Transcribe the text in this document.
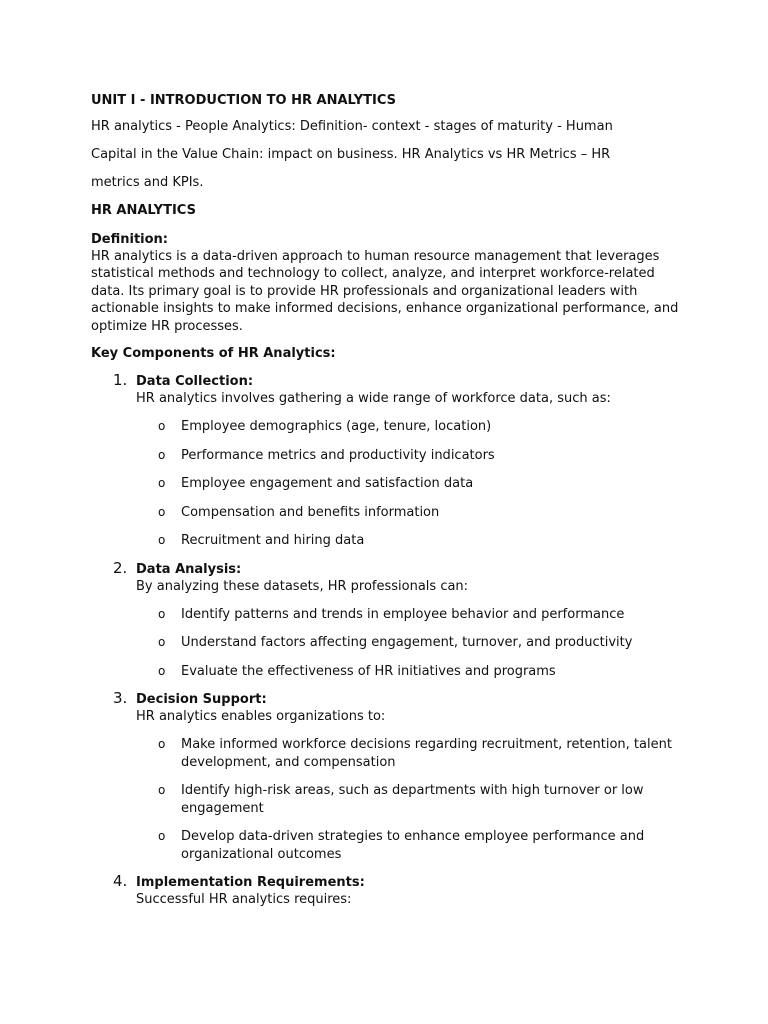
UNIT I - INTRODUCTION TO HR ANALYTICS

HR analytics - People Analytics: Definition- context - stages of maturity - Human

Capital in the Value Chain: impact on business. HR Analytics vs HR Metrics – HR

metrics and KPIs.

HR ANALYTICS

Definition:

HR analytics is a data-driven approach to human resource management that leverages statistical methods and technology to collect, analyze, and interpret workforce-related data. Its primary goal is to provide HR professionals and organizational leaders with actionable insights to make informed decisions, enhance organizational performance, and optimize HR processes.

Key Components of HR Analytics:

1. Data Collection:

HR analytics involves gathering a wide range of workforce data, such as:

o Employee demographics (age, tenure, location)
o Performance metrics and productivity indicators
o Employee engagement and satisfaction data
o Compensation and benefits information
o Recruitment and hiring data
2. Data Analysis:

By analyzing these datasets, HR professionals can:

o Identify patterns and trends in employee behavior and performance
o Understand factors affecting engagement, turnover, and productivity
o Evaluate the effectiveness of HR initiatives and programs
3. Decision Support:

HR analytics enables organizations to:

o Make informed workforce decisions regarding recruitment, retention, talent development, and compensation
o Identify high-risk areas, such as departments with high turnover or low engagement
o Develop data-driven strategies to enhance employee performance and organizational outcomes
4. Implementation Requirements:

Successful HR analytics requires:
